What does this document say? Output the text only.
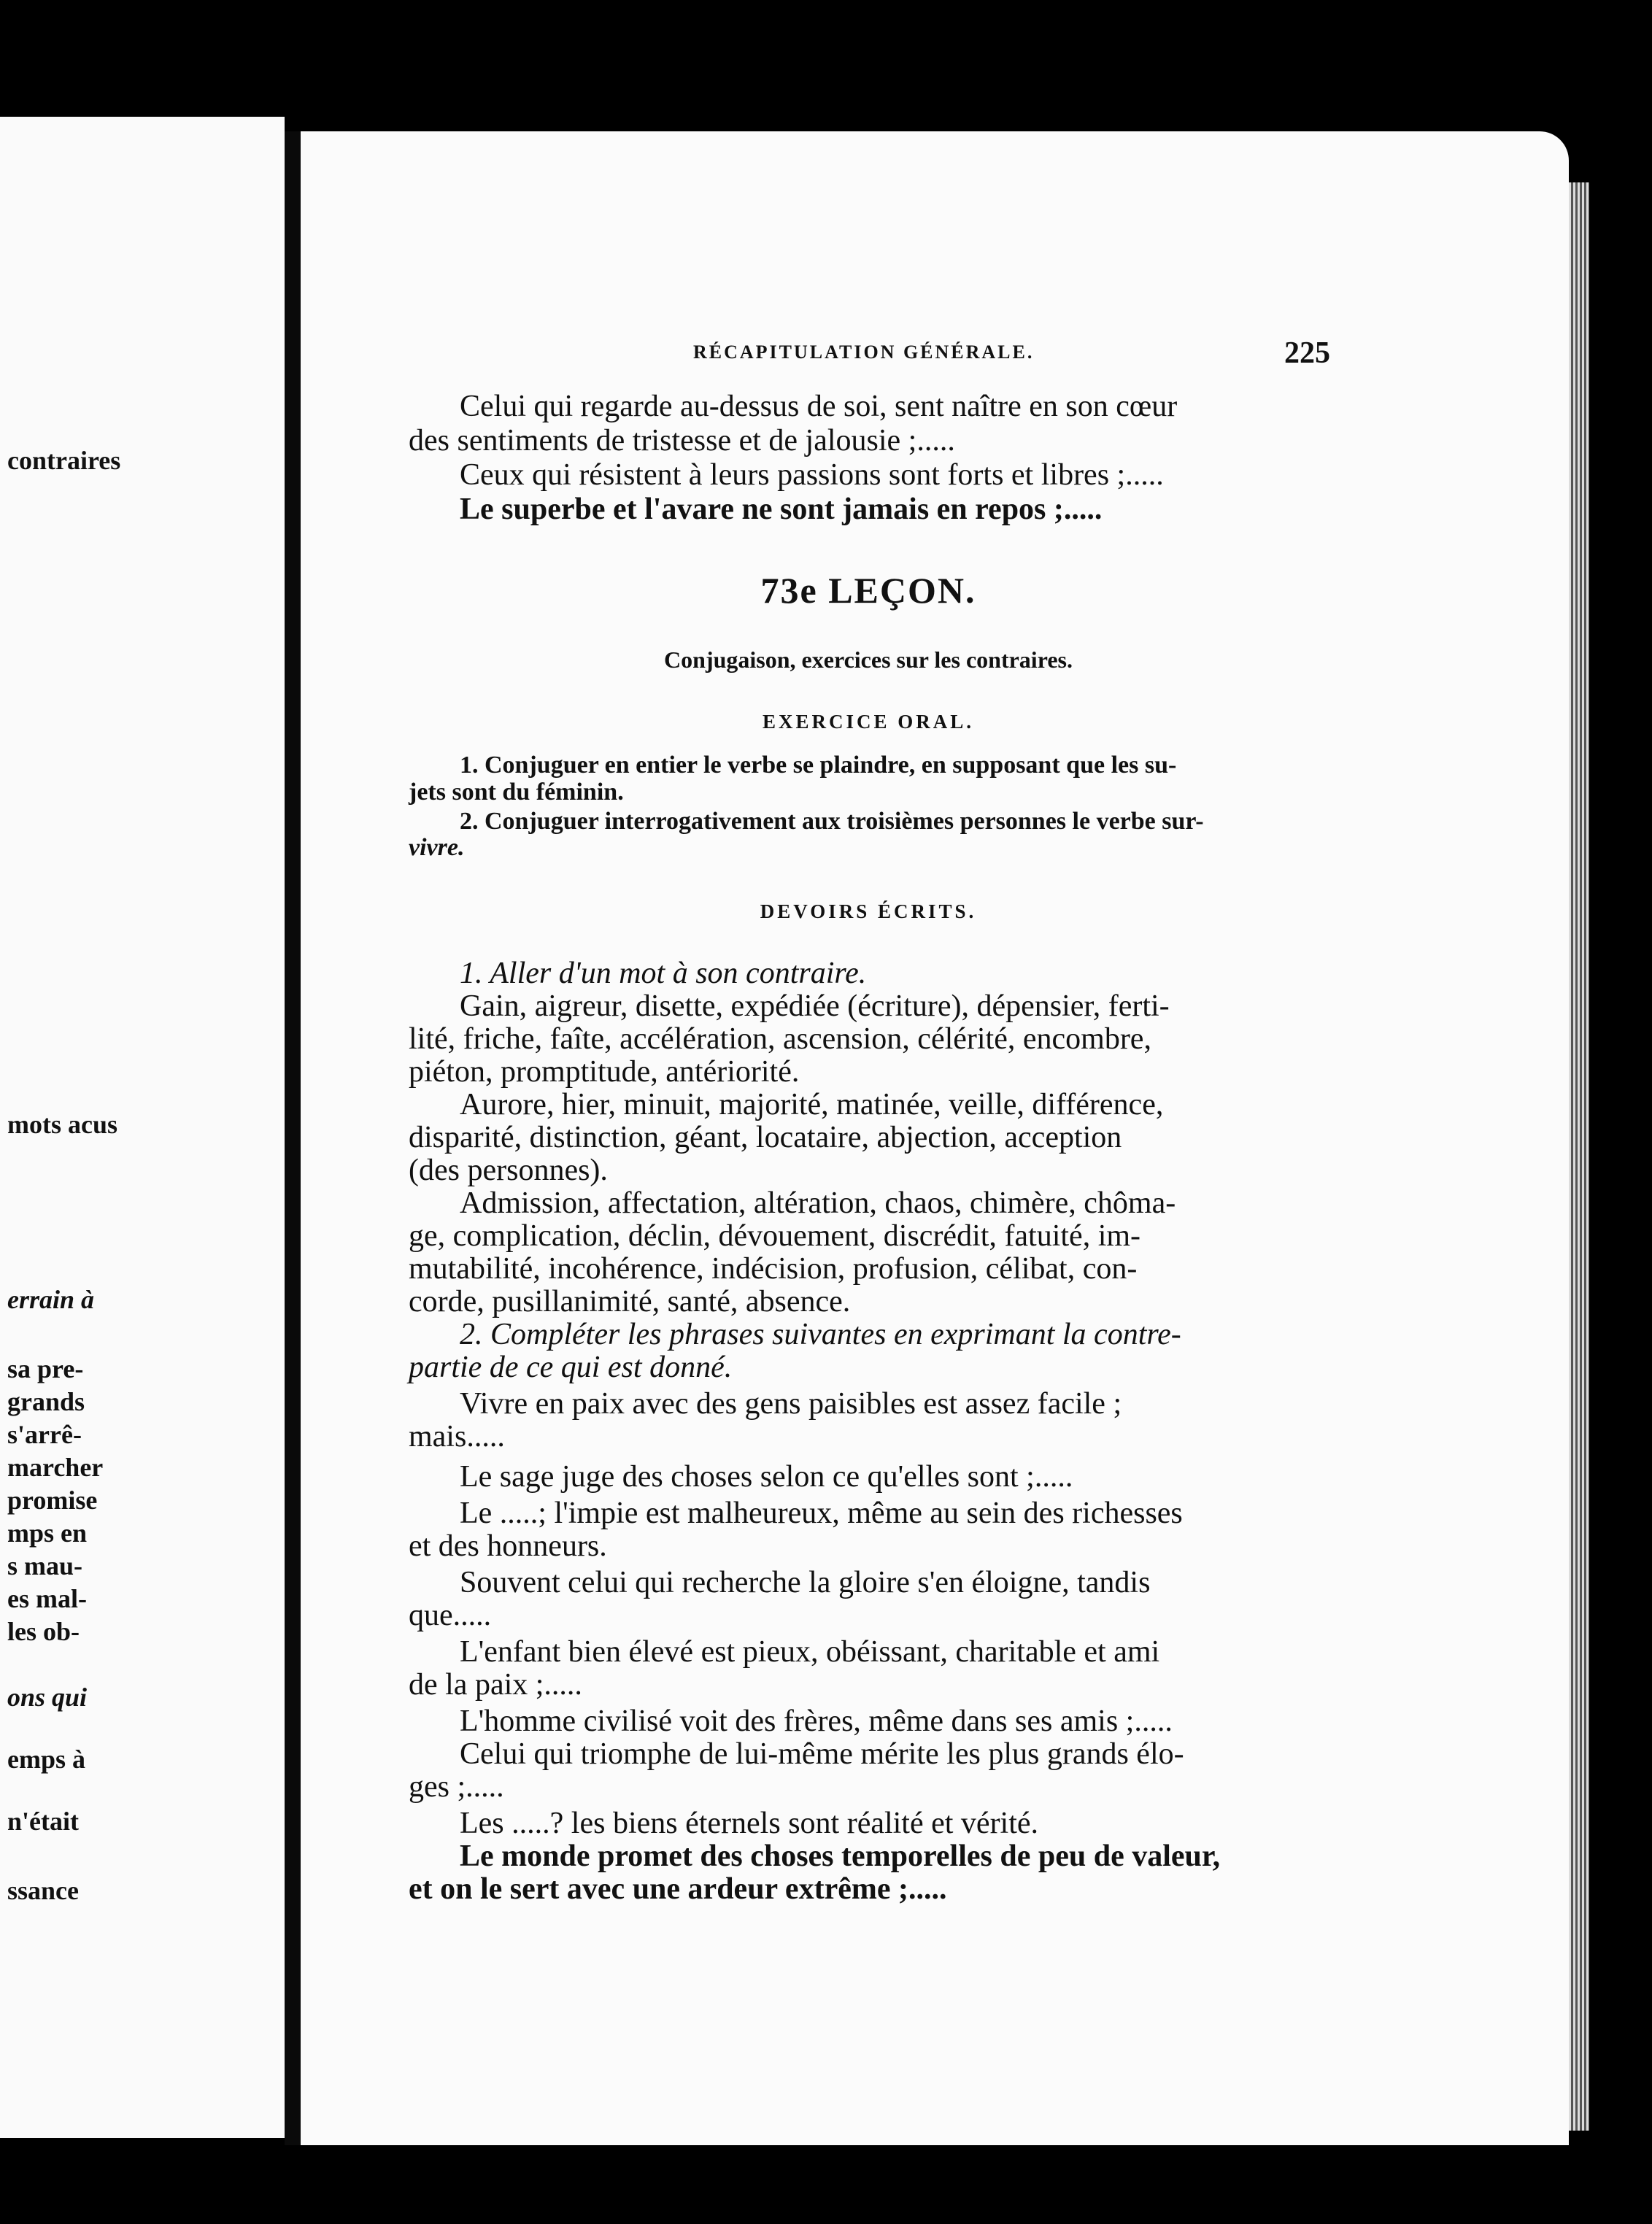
contraires
mots acus
errain à
sa pre-
grands
s'arrê-
marcher
promise
mps en
s mau-
es mal-
les ob-
ons qui
emps à
n'était
ssance
RÉCAPITULATION GÉNÉRALE.	225
Celui qui regarde au-dessus de soi, sent naître en son cœur
des sentiments de tristesse et de jalousie ;.....
Ceux qui résistent à leurs passions sont forts et libres ;.....
Le superbe et l'avare ne sont jamais en repos ;.....
73e LEÇON.
Conjugaison, exercices sur les contraires.
EXERCICE ORAL.
1. Conjuguer en entier le verbe se plaindre, en supposant que les su-
jets sont du féminin.
2. Conjuguer interrogativement aux troisièmes personnes le verbe sur-
vivre.
DEVOIRS ÉCRITS.
1. Aller d'un mot à son contraire.
Gain, aigreur, disette, expédiée (écriture), dépensier, ferti-
lité, friche, faîte, accélération, ascension, célérité, encombre,
piéton, promptitude, antériorité.
Aurore, hier, minuit, majorité, matinée, veille, différence,
disparité, distinction, géant, locataire, abjection, acception
(des personnes).
Admission, affectation, altération, chaos, chimère, chôma-
ge, complication, déclin, dévouement, discrédit, fatuité, im-
mutabilité, incohérence, indécision, profusion, célibat, con-
corde, pusillanimité, santé, absence.
2. Compléter les phrases suivantes en exprimant la contre-
partie de ce qui est donné.
Vivre en paix avec des gens paisibles est assez facile ;
mais.....
Le sage juge des choses selon ce qu'elles sont ;.....
Le .....; l'impie est malheureux, même au sein des richesses
et des honneurs.
Souvent celui qui recherche la gloire s'en éloigne, tandis
que.....
L'enfant bien élevé est pieux, obéissant, charitable et ami
de la paix ;.....
L'homme civilisé voit des frères, même dans ses amis ;.....
Celui qui triomphe de lui-même mérite les plus grands élo-
ges ;.....
Les .....? les biens éternels sont réalité et vérité.
Le monde promet des choses temporelles de peu de valeur,
et on le sert avec une ardeur extrême ;.....
